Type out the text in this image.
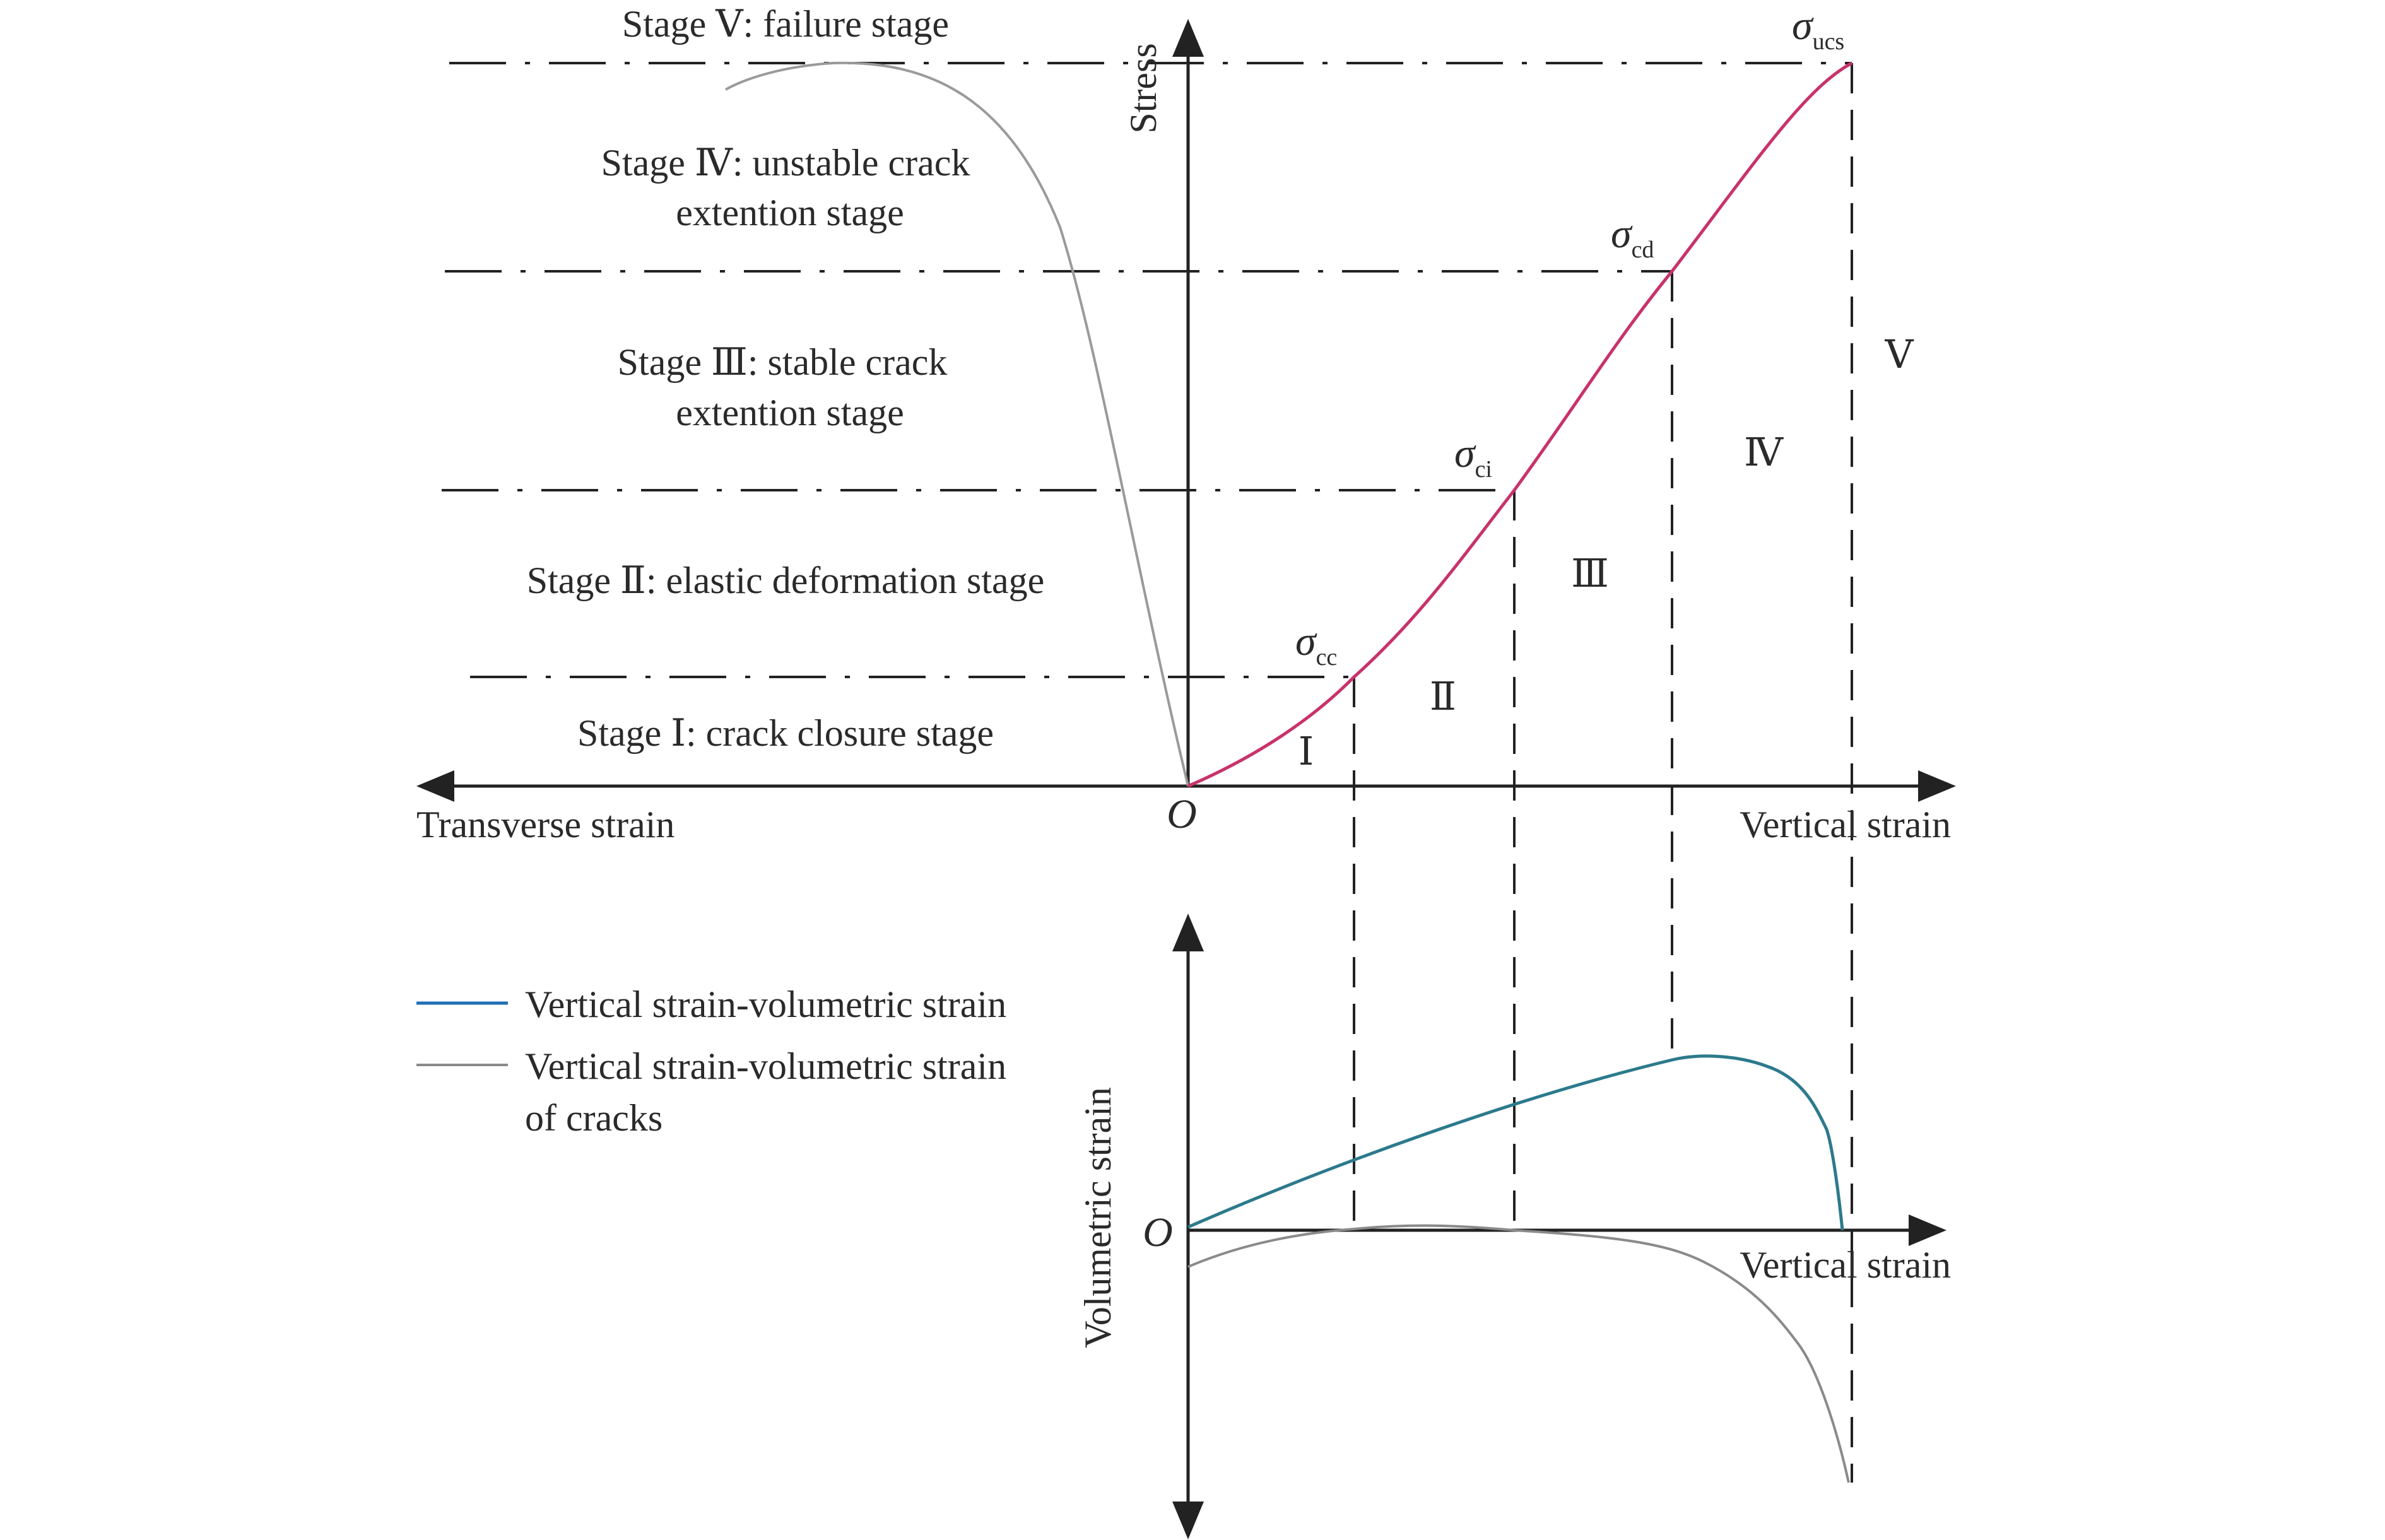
Stage Ⅴ: failure stage
Stage Ⅳ: unstable crack
extention stage
Stage Ⅲ: stable crack
extention stage
Stage Ⅱ: elastic deformation stage
Stage Ⅰ: crack closure stage
Stress
Transverse strain	Vertical strain
O
Vertical strain
O
Volumetric strain
$\sigma_{cc}$
$\sigma_{ci}$
$\sigma_{cd}$
$\sigma_{ucs}$
Ⅰ
Ⅱ
Ⅲ
Ⅳ
Ⅴ
Vertical strain-volumetric strain
Vertical strain-volumetric strain
of cracks
